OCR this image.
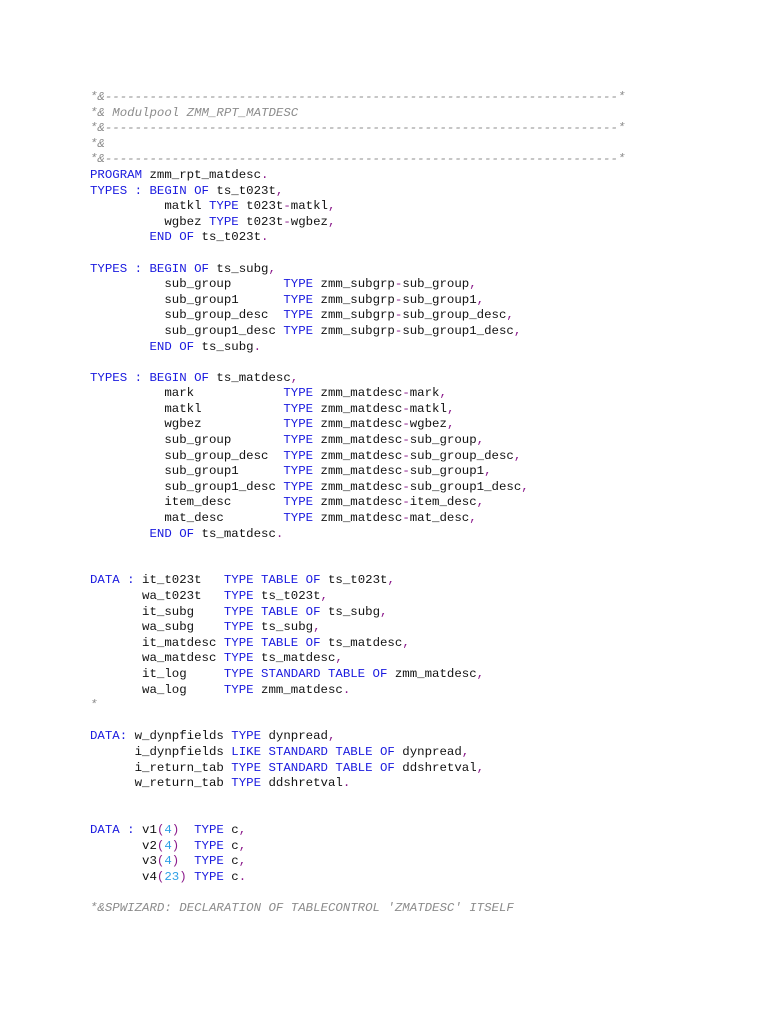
*&---------------------------------------------------------------------*
*& Modulpool ZMM_RPT_MATDESC
*&---------------------------------------------------------------------*
*&
*&---------------------------------------------------------------------*
PROGRAM zmm_rpt_matdesc.
TYPES : BEGIN OF ts_t023t,
matkl TYPE t023t-matkl,
wgbez TYPE t023t-wgbez,
END OF ts_t023t.
TYPES : BEGIN OF ts_subg,
sub_group       TYPE zmm_subgrp-sub_group,
sub_group1      TYPE zmm_subgrp-sub_group1,
sub_group_desc  TYPE zmm_subgrp-sub_group_desc,
sub_group1_desc TYPE zmm_subgrp-sub_group1_desc,
END OF ts_subg.
TYPES : BEGIN OF ts_matdesc,
mark            TYPE zmm_matdesc-mark,
matkl           TYPE zmm_matdesc-matkl,
wgbez           TYPE zmm_matdesc-wgbez,
sub_group       TYPE zmm_matdesc-sub_group,
sub_group_desc  TYPE zmm_matdesc-sub_group_desc,
sub_group1      TYPE zmm_matdesc-sub_group1,
sub_group1_desc TYPE zmm_matdesc-sub_group1_desc,
item_desc       TYPE zmm_matdesc-item_desc,
mat_desc        TYPE zmm_matdesc-mat_desc,
END OF ts_matdesc.
DATA : it_t023t   TYPE TABLE OF ts_t023t,
wa_t023t   TYPE ts_t023t,
it_subg    TYPE TABLE OF ts_subg,
wa_subg    TYPE ts_subg,
it_matdesc TYPE TABLE OF ts_matdesc,
wa_matdesc TYPE ts_matdesc,
it_log     TYPE STANDARD TABLE OF zmm_matdesc,
wa_log     TYPE zmm_matdesc.
*
DATA: w_dynpfields TYPE dynpread,
i_dynpfields LIKE STANDARD TABLE OF dynpread,
i_return_tab TYPE STANDARD TABLE OF ddshretval,
w_return_tab TYPE ddshretval.
DATA : v1(4) TYPE c,
v2(4) TYPE c,
v3(4) TYPE c,
v4(23) TYPE c.
*&SPWIZARD: DECLARATION OF TABLECONTROL 'ZMATDESC' ITSELF
